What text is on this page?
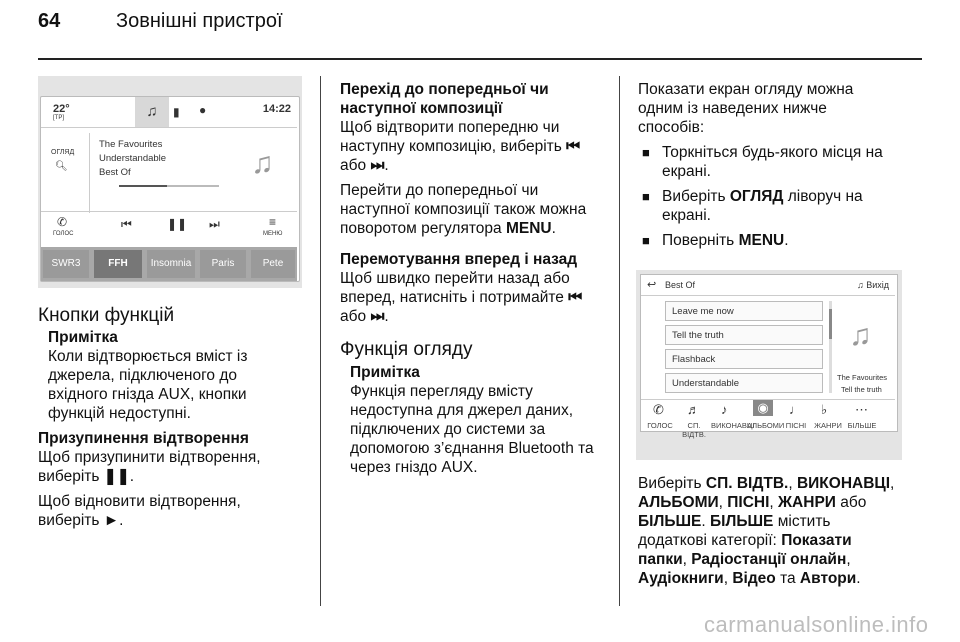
64	Зовнішні пристрої
22°
[TP]	♫	▮ ●	14:22
ОГЛЯД
🔍︎
The Favourites
Understandable
Best Of	♫
✆
ГОЛОС
⏮	❚❚ ⏭	≡
МЕНЮ
SWR3	FFH	Insomnia	Paris	Pete

Кнопки функцій

Примітка

Коли відтворюється вміст із

джерела, підключеного до

вхідного гнізда AUX, кнопки

функцій недоступні.

Призупинення відтворення

Щоб призупинити відтворення,

виберіть ❚❚.

Щоб відновити відтворення,

виберіть ►.

Перехід до попередньої чи

наступної композиції

Щоб відтворити попередню чи

наступну композицію, виберіть ⏮

або ⏭.

Перейти до попередньої чи

наступної композиції також можна

поворотом регулятора MENU.

Перемотування вперед і назад

Щоб швидко перейти назад або

вперед, натисніть і потримайте ⏮

або ⏭.

Функція огляду

Примітка

Функція перегляду вмісту

недоступна для джерел даних,

підключених до системи за

допомогою з’єднання Bluetooth та

через гніздо AUX.

Показати екран огляду можна

одним із наведених нижче

способів:

■ Торкніться будь-якого місця на
екрані.
■ Виберіть ОГЛЯД ліворуч на
екрані.
■ Поверніть MENU.
↩ Best Of	♫ Вихід
Leave me now
Tell the truth
Flashback
Understandable
♫
The Favourites
Tell the truth
✆ ♬ ♪	◉	♩ ♭ ⋯
ГОЛОС	СП. ВІДТВ.
ВИКОНАВЦІ
АЛЬБОМИ ПІСНІ	ЖАНРИ БІЛЬШЕ

Виберіть СП. ВІДТВ., ВИКОНАВЦІ,

АЛЬБОМИ, ПІСНІ, ЖАНРИ або

БІЛЬШЕ. БІЛЬШЕ містить

додаткові категорії: Показати

папки, Радіостанції онлайн,

Аудіокниги, Відео та Автори.

carmanualsonline.info
